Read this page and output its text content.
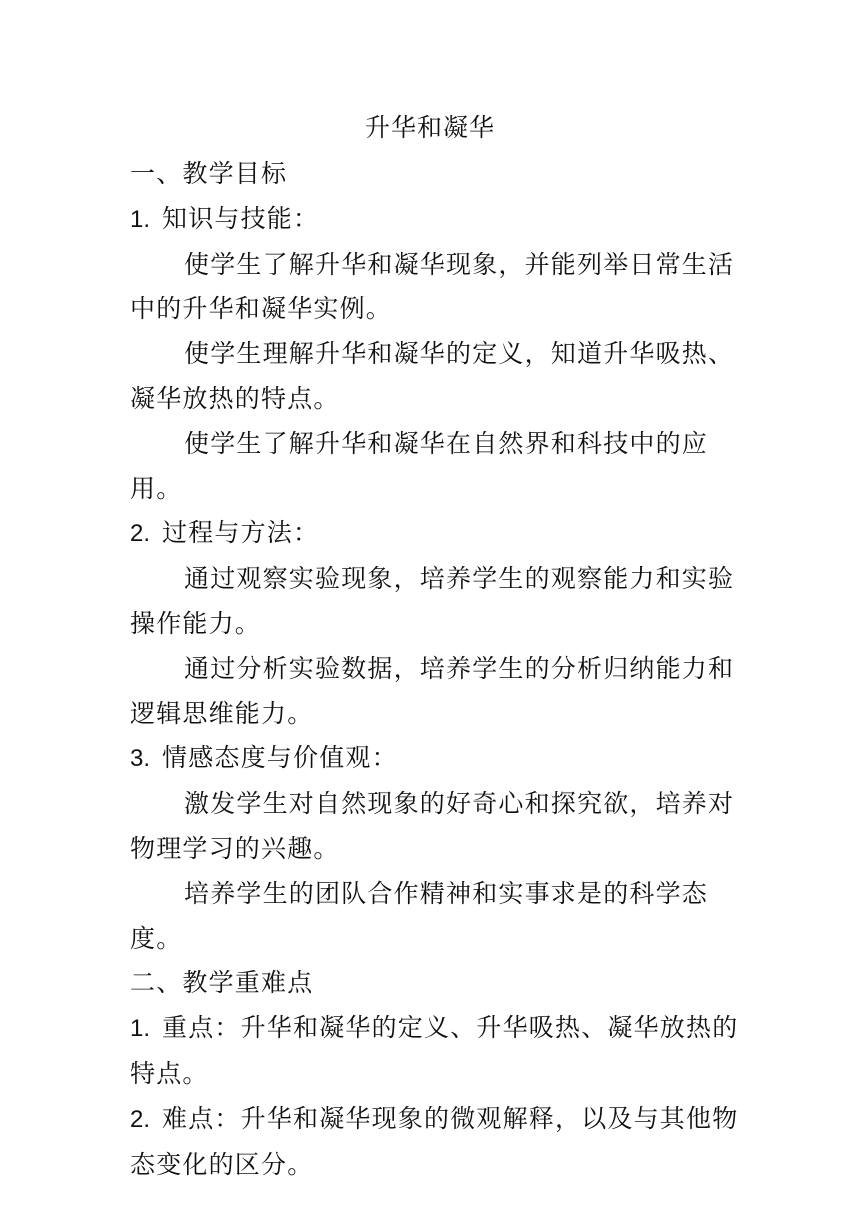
升华和凝华

一、教学目标

1. 知识与技能：

使学生了解升华和凝华现象，并能列举日常生活中的升华和凝华实例。

使学生理解升华和凝华的定义，知道升华吸热、凝华放热的特点。

使学生了解升华和凝华在自然界和科技中的应用。

2. 过程与方法：

通过观察实验现象，培养学生的观察能力和实验操作能力。

通过分析实验数据，培养学生的分析归纳能力和逻辑思维能力。

3. 情感态度与价值观：

激发学生对自然现象的好奇心和探究欲，培养对物理学习的兴趣。

培养学生的团队合作精神和实事求是的科学态度。

二、教学重难点

1. 重点：升华和凝华的定义、升华吸热、凝华放热的特点。

2. 难点：升华和凝华现象的微观解释，以及与其他物态变化的区分。
